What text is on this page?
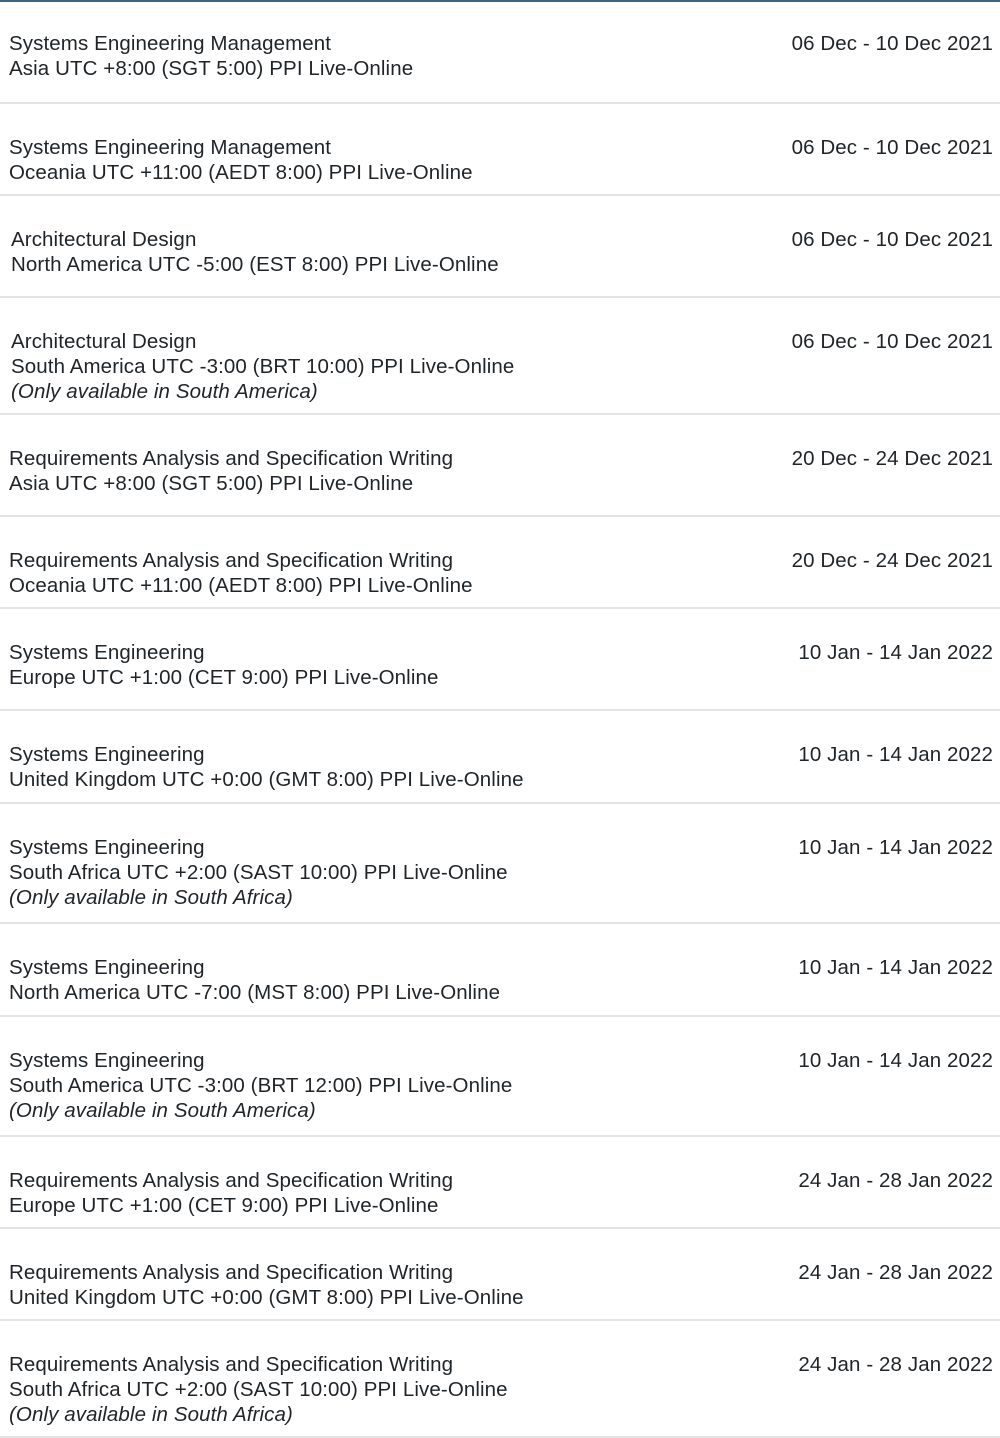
Systems Engineering Management
Asia UTC +8:00 (SGT 5:00) PPI Live-Online
06 Dec - 10 Dec 2021
Systems Engineering Management
Oceania UTC +11:00 (AEDT 8:00) PPI Live-Online
06 Dec - 10 Dec 2021
Architectural Design
North America UTC -5:00 (EST 8:00) PPI Live-Online
06 Dec - 10 Dec 2021
Architectural Design
South America UTC -3:00 (BRT 10:00) PPI Live-Online
(Only available in South America)
06 Dec - 10 Dec 2021
Requirements Analysis and Specification Writing
Asia UTC +8:00 (SGT 5:00) PPI Live-Online
20 Dec - 24 Dec 2021
Requirements Analysis and Specification Writing
Oceania UTC +11:00 (AEDT 8:00) PPI Live-Online
20 Dec - 24 Dec 2021
Systems Engineering
Europe UTC +1:00 (CET 9:00) PPI Live-Online
10 Jan - 14 Jan 2022
Systems Engineering
United Kingdom UTC +0:00 (GMT 8:00) PPI Live-Online
10 Jan - 14 Jan 2022
Systems Engineering
South Africa UTC +2:00 (SAST 10:00) PPI Live-Online
(Only available in South Africa)
10 Jan - 14 Jan 2022
Systems Engineering
North America UTC -7:00 (MST 8:00) PPI Live-Online
10 Jan - 14 Jan 2022
Systems Engineering
South America UTC -3:00 (BRT 12:00) PPI Live-Online
(Only available in South America)
10 Jan - 14 Jan 2022
Requirements Analysis and Specification Writing
Europe UTC +1:00 (CET 9:00) PPI Live-Online
24 Jan - 28 Jan 2022
Requirements Analysis and Specification Writing
United Kingdom UTC +0:00 (GMT 8:00) PPI Live-Online
24 Jan - 28 Jan 2022
Requirements Analysis and Specification Writing
South Africa UTC +2:00 (SAST 10:00) PPI Live-Online
(Only available in South Africa)
24 Jan - 28 Jan 2022
